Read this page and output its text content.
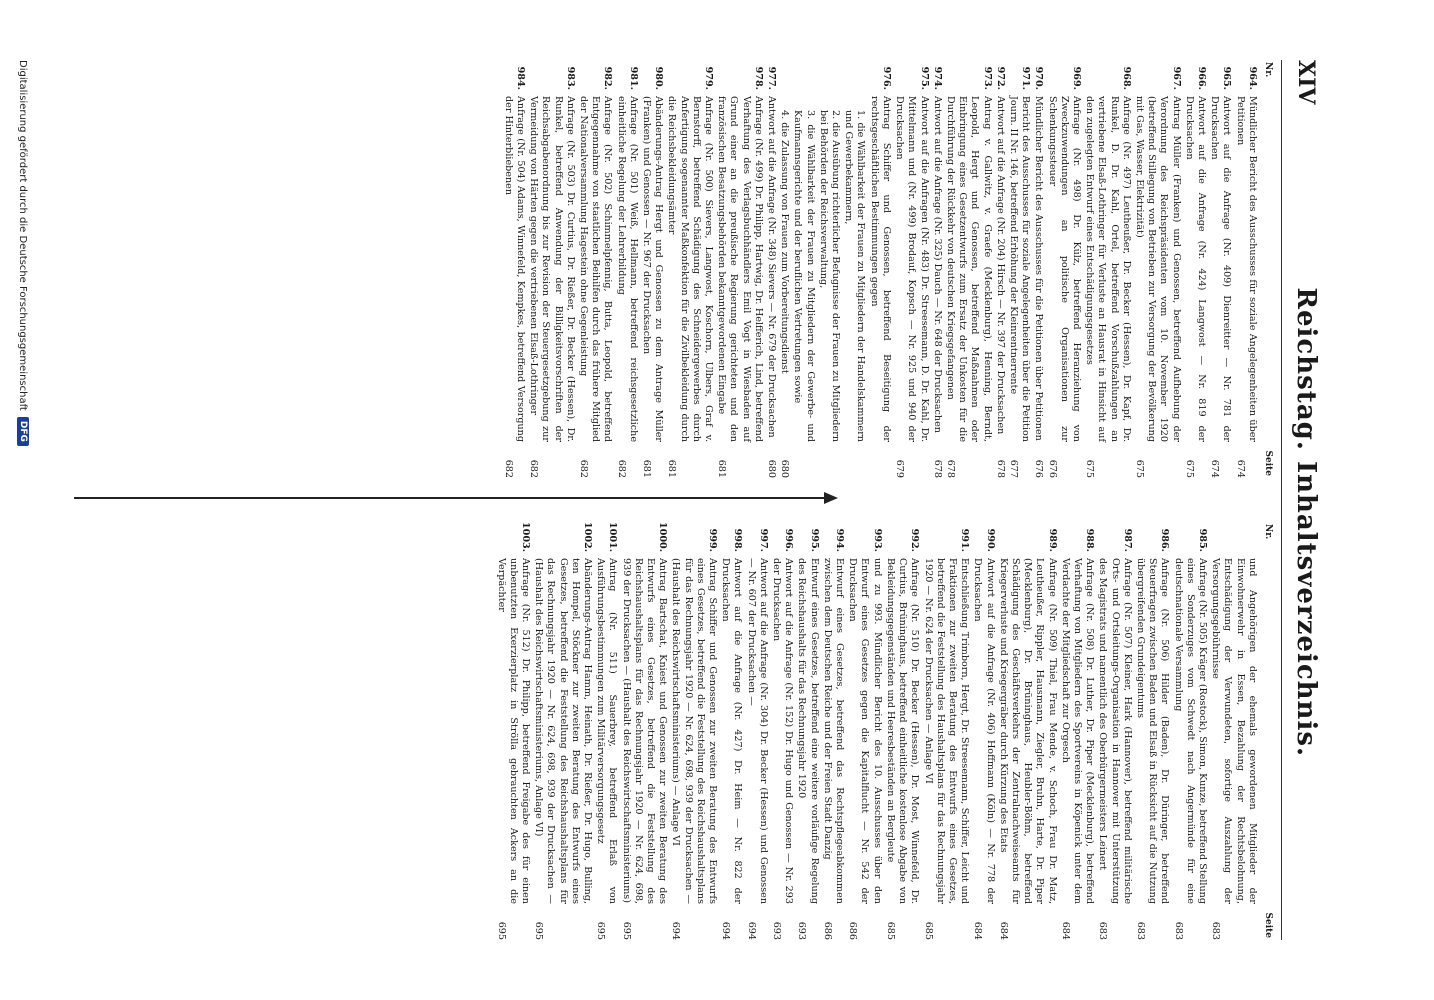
XIV
Reichstag. Inhaltsverzeichnis.
Nr.
Seite
964.
Mündlicher Bericht des Ausschusses für soziale Angelegenheiten über Petitionen
674
965.
Antwort auf die Anfrage (Nr. 409) Dienreitter — Nr. 781 der Drucksachen
674
966.
Antwort auf die Anfrage (Nr. 424) Langwost — Nr. 819 der Drucksachen
675
967.
Antrag Müller (Franken) und Genossen, betreffend Aufhebung der Verordnung des Reichspräsidenten vom 10. November 1920 (betreffend Stillegung von Betrieben zur Versorgung der Bevölkerung mit Gas, Wasser, Elektrizität)
675
968.
Anfrage (Nr. 497) Leutheußer, Dr. Becker (Hessen), Dr. Kapf, Dr. Runkel, D. Dr. Kahl, Ortel, betreffend Vorschußzahlungen an vertriebene Elsaß-Lothringer für Verluste an Hausrat in Hinsicht auf den zugelegten Entwurf eines Entschädigungsgesetzes
675
969.
Anfrage (Nr. 498) Dr. Külz, betreffend Heranziehung von Zweckzuwendungen an politische Organisationen zur Schenkungssteuer
676
970.
Mündlicher Bericht des Ausschusses für die Petitionen über Petitionen
676
971.
Bericht des Ausschusses für soziale Angelegenheiten über die Petition Journ. II Nr. 146, betreffend Erhöhung der Kleinrentnerrente
677
972.
Antwort auf die Anfrage (Nr. 204) Hirsch — Nr. 397 der Drucksachen
678
973.
Antrag v. Gallwitz, v. Graefe (Mecklenburg), Henning, Berndt, Leopold, Hergt und Genossen, betreffend Maßnahmen oder Einbringung eines Gesetzentwurfs zum Ersatz der Unkosten für die Durchführung der Rückkehr von deutschen Kriegsgefangenen
678
974.
Antwort auf die Anfrage (Nr. 325) Dauch — Nr. 648 der Drucksachen
678
975.
Antwort auf die Anfragen (Nr. 483) Dr. Streesemann, D. Dr. Kahl, Dr. Mittelmann und (Nr. 499) Brodauf, Kopsch — Nr. 925 und 940 der Drucksachen
679
976.
Antrag Schiffer und Genossen, betreffend Beseitigung der rechtsgeschäftlichen Bestimmungen gegen
1. die Wählbarkeit der Frauen zu Mitgliedern der Handelskammern und Gewerbekammern,
2. die Ausübung richterlicher Befugnisse der Frauen zu Mitgliedern bei Behörden der Reichsverwaltung,
3. die Wählbarkeit der Frauen zu Mitgliedern der Gewerbe- und Kaufmannsgerichte und der beruflichen Vertretungen sowie
4. die Zulassung von Frauen zum Vorbereitungsdienst
680
977.
Antwort auf die Anfrage (Nr. 348) Sievers — Nr. 679 der Drucksachen
680
978.
Anfrage (Nr. 499) Dr. Philipp, Hartwig, Dr. Helfferich, Lind, betreffend Verhaftung des Verlagsbuchhändlers Emil Vogt in Wiesbaden auf Grund einer an die preußische Regierung gerichteten und den französischen Besatzungsbehörden bekanntgewordenen Eingabe
681
979.
Anfrage (Nr. 500) Sievers, Langwost, Koschorn, Ulbers, Graf v. Bernstorff, betreffend Schädigung des Schneidergewerbes durch Anfertigung sogenannter Maßkonfektion für die Zivilbekleidung durch die Reichsbekleidungsämter
681
980.
Abänderungs-Antrag Hergt und Genossen zu dem Antrage Müller (Franken) und Genossen — Nr. 967 der Drucksachen
681
981.
Anfrage (Nr. 501) Weiß, Hellmann, betreffend reichsgesetzliche einheitliche Regelung der Lehrerbildung
682
982.
Anfrage (Nr. 502) Schimmelpfennig, Butta, Leopold, betreffend Entgegennahme von staatlichen Beihilfen durch das frühere Mitglied der Nationalversammlung Hagestein ohne Gegenleistung
682
983.
Anfrage (Nr. 503) Dr. Curtius, Dr. Rießer, Dr. Becker (Hessen), Dr. Runkel, betreffend Anwendung der Billigkeitsvorschriften der Reichsabgabenordnung bis zur Revision der Steuergesetzgebung zur Vermeidung von Härten gegen die vertriebenen Elsaß-Lothringer
682
984.
Anfrage (Nr. 504) Adams, Winnefeld, Kempkes, betreffend Versorgung der Hinterbliebenen
682
Nr.
Seite
und Angehörigen der ehemals gewordenen Mitglieder der Einwohnerwehr in Essen, Bezahlung der Rechtsbelohnung, Entschädigung der Verwundeten, sofortige Auszahlung der Versorgungsgebührnisse
683
985.
Anfrage (Nr. 505) Kräger (Rostock), Simon, Kunze, betreffend Stellung eines Sonderzuges vom Schwedt nach Angermünde für eine deutschnationale Versammlung
683
986.
Anfrage (Nr. 506) Hilder (Baden), Dr. Düringer, betreffend Steuerfragen zwischen Baden und Elsaß in Rücksicht auf die Nutzung übergreifenden Grundeigentums
683
987.
Anfrage (Nr. 507) Kleiner, Hark (Hannover), betreffend militärische Orts- und Ortsleitungs-Organisation in Hannover mit Unterstützung des Magistrats und namentlich des Oberbürgermeisters Leinert
683
988.
Anfrage (Nr. 508) Dr. Luther, Dr. Piper (Mecklenburg), betreffend Verhaftung von Mitgliedern des Sportvereins in Köpenick unter dem Verdachte der Mitgliedschaft zur Orgesch
684
989.
Anfrage (Nr. 509) Thiel, Frau Mende, v. Schoch, Frau Dr. Matz, Leutheußer, Rippler, Hausmann, Ziegler, Bruhn, Harte, Dr. Piper (Mecklenburg), Dr. Brüninghaus, Heubler-Böhm, betreffend Schädigung des Geschäftsverkehrs der Zentralnachweiseamts für Kriegerverluste und Kriegergräber durch Kürzung des Etats
684
990.
Antwort auf die Anfrage (Nr. 406) Hoffmann (Köln) — Nr. 778 der Drucksachen
684
991.
Entschließung Trimborn, Hergt, Dr. Streesemann, Schiffer, Leicht und Fraktionen zur zweiten Beratung des Entwurfs eines Gesetzes, betreffend die Feststellung des Haushaltsplans für das Rechnungsjahr 1920 — Nr. 624 der Drucksachen — Anlage VI
685
992.
Anfrage (Nr. 510) Dr. Becker (Hessen), Dr. Most, Winnefeld, Dr. Curtius, Brüninghaus, betreffend einheitliche kostenlose Abgabe von Bekleidungsgegenständen und Heeresbeständen an Bergleute
685
993.
und zu 993. Mündlicher Bericht des 10. Ausschusses über den Entwurf eines Gesetzes gegen die Kapitalflucht — Nr. 542 der Drucksachen
686
994.
Entwurf eines Gesetzes, betreffend das Rechtspflegeabkommen zwischen dem Deutschen Reiche und der Freien Stadt Danzig
686
995.
Entwurf eines Gesetzes, betreffend eine weitere vorläufige Regelung des Reichshaushalts für das Rechnungsjahr 1920
693
996.
Antwort auf die Anfrage (Nr. 152) Dr. Hugo und Genossen — Nr. 293 der Drucksachen
693
997.
Antwort auf die Anfrage (Nr. 304) Dr. Becker (Hessen) und Genossen — Nr. 607 der Drucksachen —
694
998.
Antwort auf die Anfrage (Nr. 427) Dr. Heim — Nr. 822 der Drucksachen
694
999.
Antrag Schiffer und Genossen zur zweiten Beratung des Entwurfs eines Gesetzes, betreffend die Feststellung des Reichshaushaltsplans für das Rechnungsjahr 1920 — Nr. 624, 698, 939 der Drucksachen — (Haushalt des Reichswirtschaftsministeriums) — Anlage VI
694
1000.
Antrag Bartschat, Kniest und Genossen zur zweiten Beratung des Entwurfs eines Gesetzes, betreffend die Feststellung des Reichshaushaltsplans für das Rechnungsjahr 1920 — Nr. 624, 698, 939 der Drucksachen — (Haushalt des Reichswirtschaftsministeriums)
695
1001.
Antrag (Nr. 511) Sauerbrey, betreffend Erlaß von Ausführungsbestimmungen zum Militärversorgungsgesetz
695
1002.
Abänderungs-Antrag Hamm, Heinath, Dr. Rießer, Dr. Hugo, Bulling, ten Hompel, Stöckner zur zweiten Beratung des Entwurfs eines Gesetzes, betreffend die Feststellung des Reichshaushaltsplans für das Rechnungsjahr 1920 — Nr. 624, 698, 939 der Drucksachen — (Haushalt des Reichswirtschaftsministeriums, Anlage VI)
695
1003.
Anfrage (Nr. 512) Dr. Philipp, betreffend Freigabe des für einen unbenutzten Exerzierplatz in Strölla gebrauchten Ackers an die Verpächter
695
Digitalisierung gefördert durch die Deutsche Forschungsgemeinschaft
DFG
